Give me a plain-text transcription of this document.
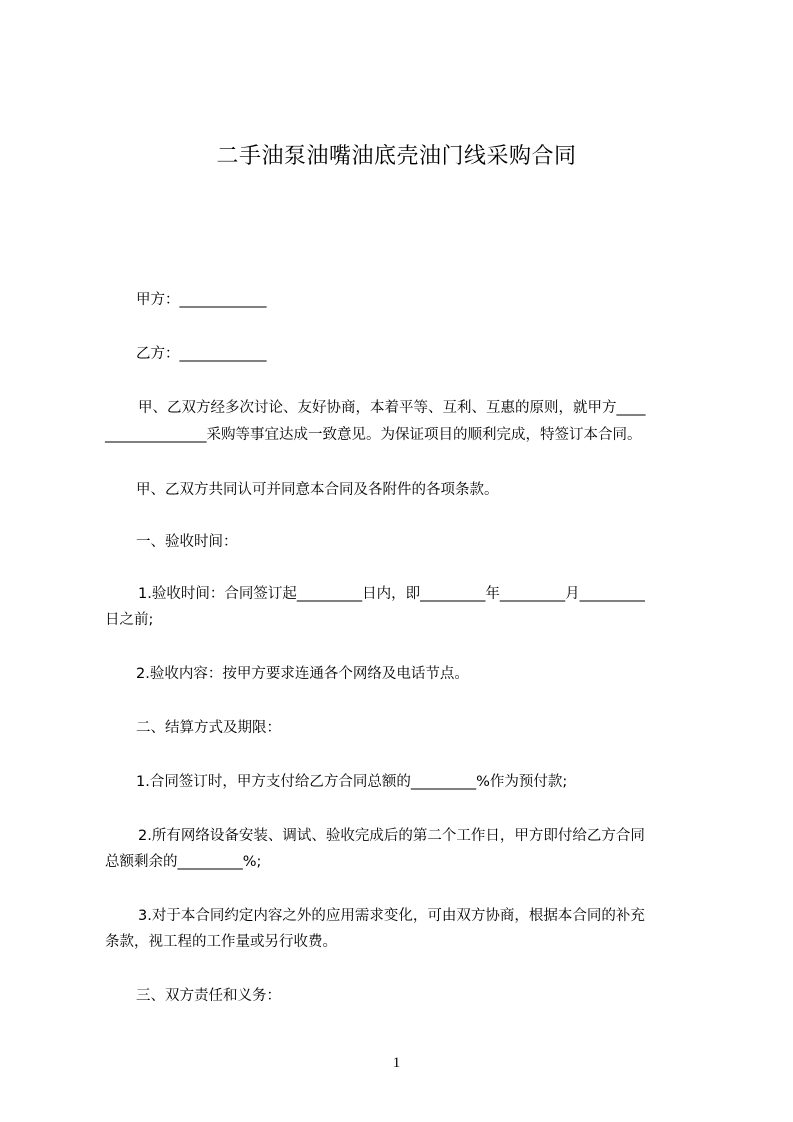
二手油泵油嘴油底壳油门线采购合同

甲方：____________

乙方：____________

甲、乙双方经多次讨论、友好协商，本着平等、互利、互惠的原则，就甲方____

______________采购等事宜达成一致意见。为保证项目的顺利完成，特签订本合同。

甲、乙双方共同认可并同意本合同及各附件的各项条款。

一、验收时间：

1.验收时间：合同签订起_________日内，即_________年_________月_________

日之前;

2.验收内容：按甲方要求连通各个网络及电话节点。

二、结算方式及期限：

1.合同签订时，甲方支付给乙方合同总额的_________%作为预付款;

2.所有网络设备安装、调试、验收完成后的第二个工作日，甲方即付给乙方合同

总额剩余的_________%;

3.对于本合同约定内容之外的应用需求变化，可由双方协商，根据本合同的补充

条款，视工程的工作量或另行收费。

三、双方责任和义务：

1
